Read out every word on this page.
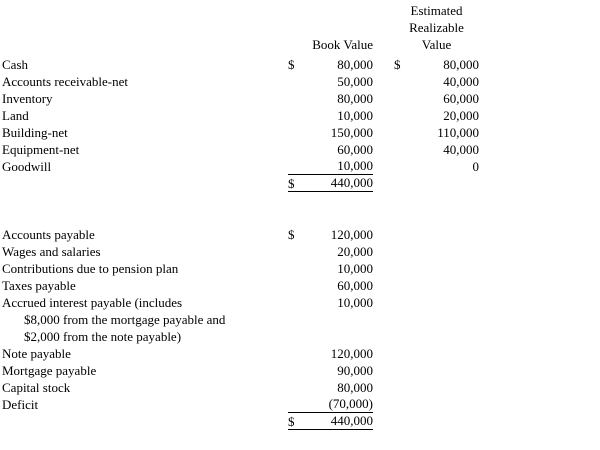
Estimated
Realizable
Value
Book Value
Cash	$	80,000 $	80,000
Accounts receivable-net	50,000	40,000
Inventory	80,000	60,000
Land	10,000	20,000
Building-net	150,000	110,000
Equipment-net	60,000	40,000
Goodwill	10,000	0
$	440,000
Accounts payable	$	120,000
Wages and salaries	20,000
Contributions due to pension plan	10,000
Taxes payable	60,000
Accrued interest payable (includes	10,000
$8,000 from the mortgage payable and
$2,000 from the note payable)
Note payable	120,000
Mortgage payable	90,000
Capital stock	80,000
Deficit	(70,000)
$	440,000
